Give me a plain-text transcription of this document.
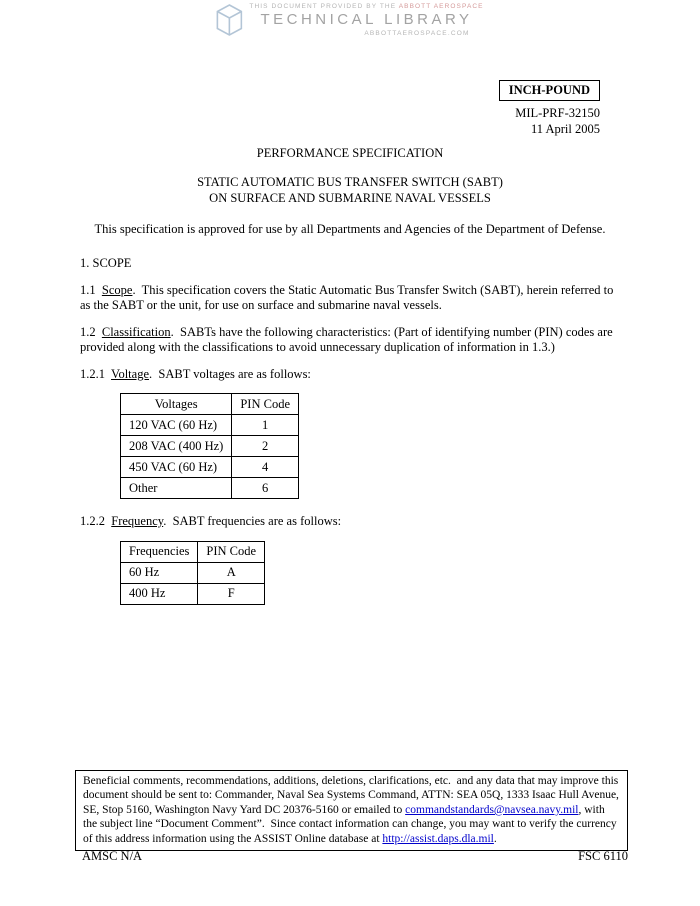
THIS DOCUMENT PROVIDED BY THE ABBOTT AEROSPACE
TECHNICAL LIBRARY
ABBOTTAEROSPACE.COM
INCH-POUND
MIL-PRF-32150
11 April 2005
PERFORMANCE SPECIFICATION
STATIC AUTOMATIC BUS TRANSFER SWITCH (SABT)
ON SURFACE AND SUBMARINE NAVAL VESSELS
This specification is approved for use by all Departments and Agencies of the Department of Defense.
1. SCOPE

1.1  Scope.  This specification covers the Static Automatic Bus Transfer Switch (SABT), herein referred to as the SABT or the unit, for use on surface and submarine naval vessels.

1.2  Classification.  SABTs have the following characteristics: (Part of identifying number (PIN) codes are provided along with the classifications to avoid unnecessary duplication of information in 1.3.)

1.2.1  Voltage.  SABT voltages are as follows:

Voltages	PIN Code
120 VAC (60 Hz)	1
208 VAC (400 Hz)	2
450 VAC (60 Hz)	4
Other	6

1.2.2  Frequency.  SABT frequencies are as follows:

Frequencies	PIN Code
60 Hz	A
400 Hz	F
Beneficial comments, recommendations, additions, deletions, clarifications, etc.  and any data that may improve this document should be sent to: Commander, Naval Sea Systems Command, ATTN: SEA 05Q, 1333 Isaac Hull Avenue, SE, Stop 5160, Washington Navy Yard DC 20376-5160 or emailed to commandstandards@navsea.navy.mil, with the subject line “Document Comment”.  Since contact information can change, you may want to verify the currency of this address information using the ASSIST Online database at http://assist.daps.dla.mil.
AMSC N/A	FSC 6110
